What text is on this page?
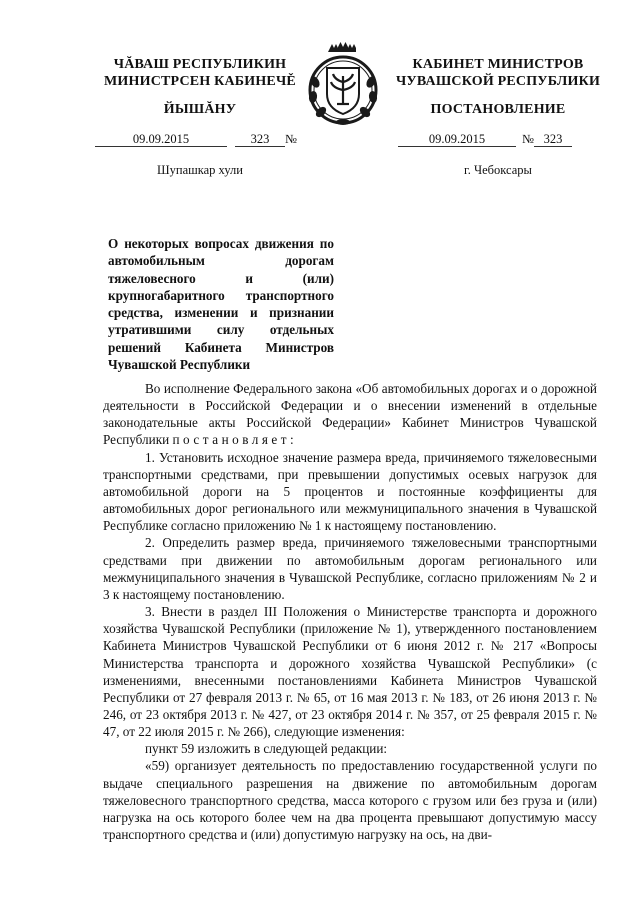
ЧĂВАШ РЕСПУБЛИКИН
МИНИСТРСЕН КАБИНЕЧĚ
ЙЫШĂНУ
09.09.2015	323 №
Шупашкар хули
КАБИНЕТ МИНИСТРОВ
ЧУВАШСКОЙ РЕСПУБЛИКИ
ПОСТАНОВЛЕНИЕ
09.09.2015	№ 323
г. Чебоксары
О некоторых вопросах движения по автомобильным дорогам тяжеловесного и (или) крупногабаритного транспортного средства, изменении и признании утратившими силу отдельных решений Кабинета Министров Чувашской Республики

Во исполнение Федерального закона «Об автомобильных дорогах и о дорожной деятельности в Российской Федерации и о внесении изменений в отдельные законодательные акты Российской Федерации» Кабинет Министров Чувашской Республики постановляет:

1. Установить исходное значение размера вреда, причиняемого тяжеловесными транспортными средствами, при превышении допустимых осевых нагрузок для автомобильной дороги на 5 процентов и постоянные коэффициенты для автомобильных дорог регионального или межмуниципального значения в Чувашской Республике согласно приложению № 1 к настоящему постановлению.

2. Определить размер вреда, причиняемого тяжеловесными транспортными средствами при движении по автомобильным дорогам регионального или межмуниципального значения в Чувашской Республике, согласно приложениям № 2 и 3 к настоящему постановлению.

3. Внести в раздел III Положения о Министерстве транспорта и дорожного хозяйства Чувашской Республики (приложение № 1), утвержденного постановлением Кабинета Министров Чувашской Республики от 6 июня 2012 г. № 217 «Вопросы Министерства транспорта и дорожного хозяйства Чувашской Республики» (с изменениями, внесенными постановлениями Кабинета Министров Чувашской Республики от 27 февраля 2013 г. № 65, от 16 мая 2013 г. № 183, от 26 июня 2013 г. № 246, от 23 октября 2013 г. № 427, от 23 октября 2014 г. № 357, от 25 февраля 2015 г. № 47, от 22 июля 2015 г. № 266), следующие изменения:

пункт 59 изложить в следующей редакции:

«59) организует деятельность по предоставлению государственной услуги по выдаче специального разрешения на движение по автомобильным дорогам тяжеловесного транспортного средства, масса которого с грузом или без груза и (или) нагрузка на ось которого более чем на два процента превышают допустимую массу транспортного средства и (или) допустимую нагрузку на ось, на дви-
